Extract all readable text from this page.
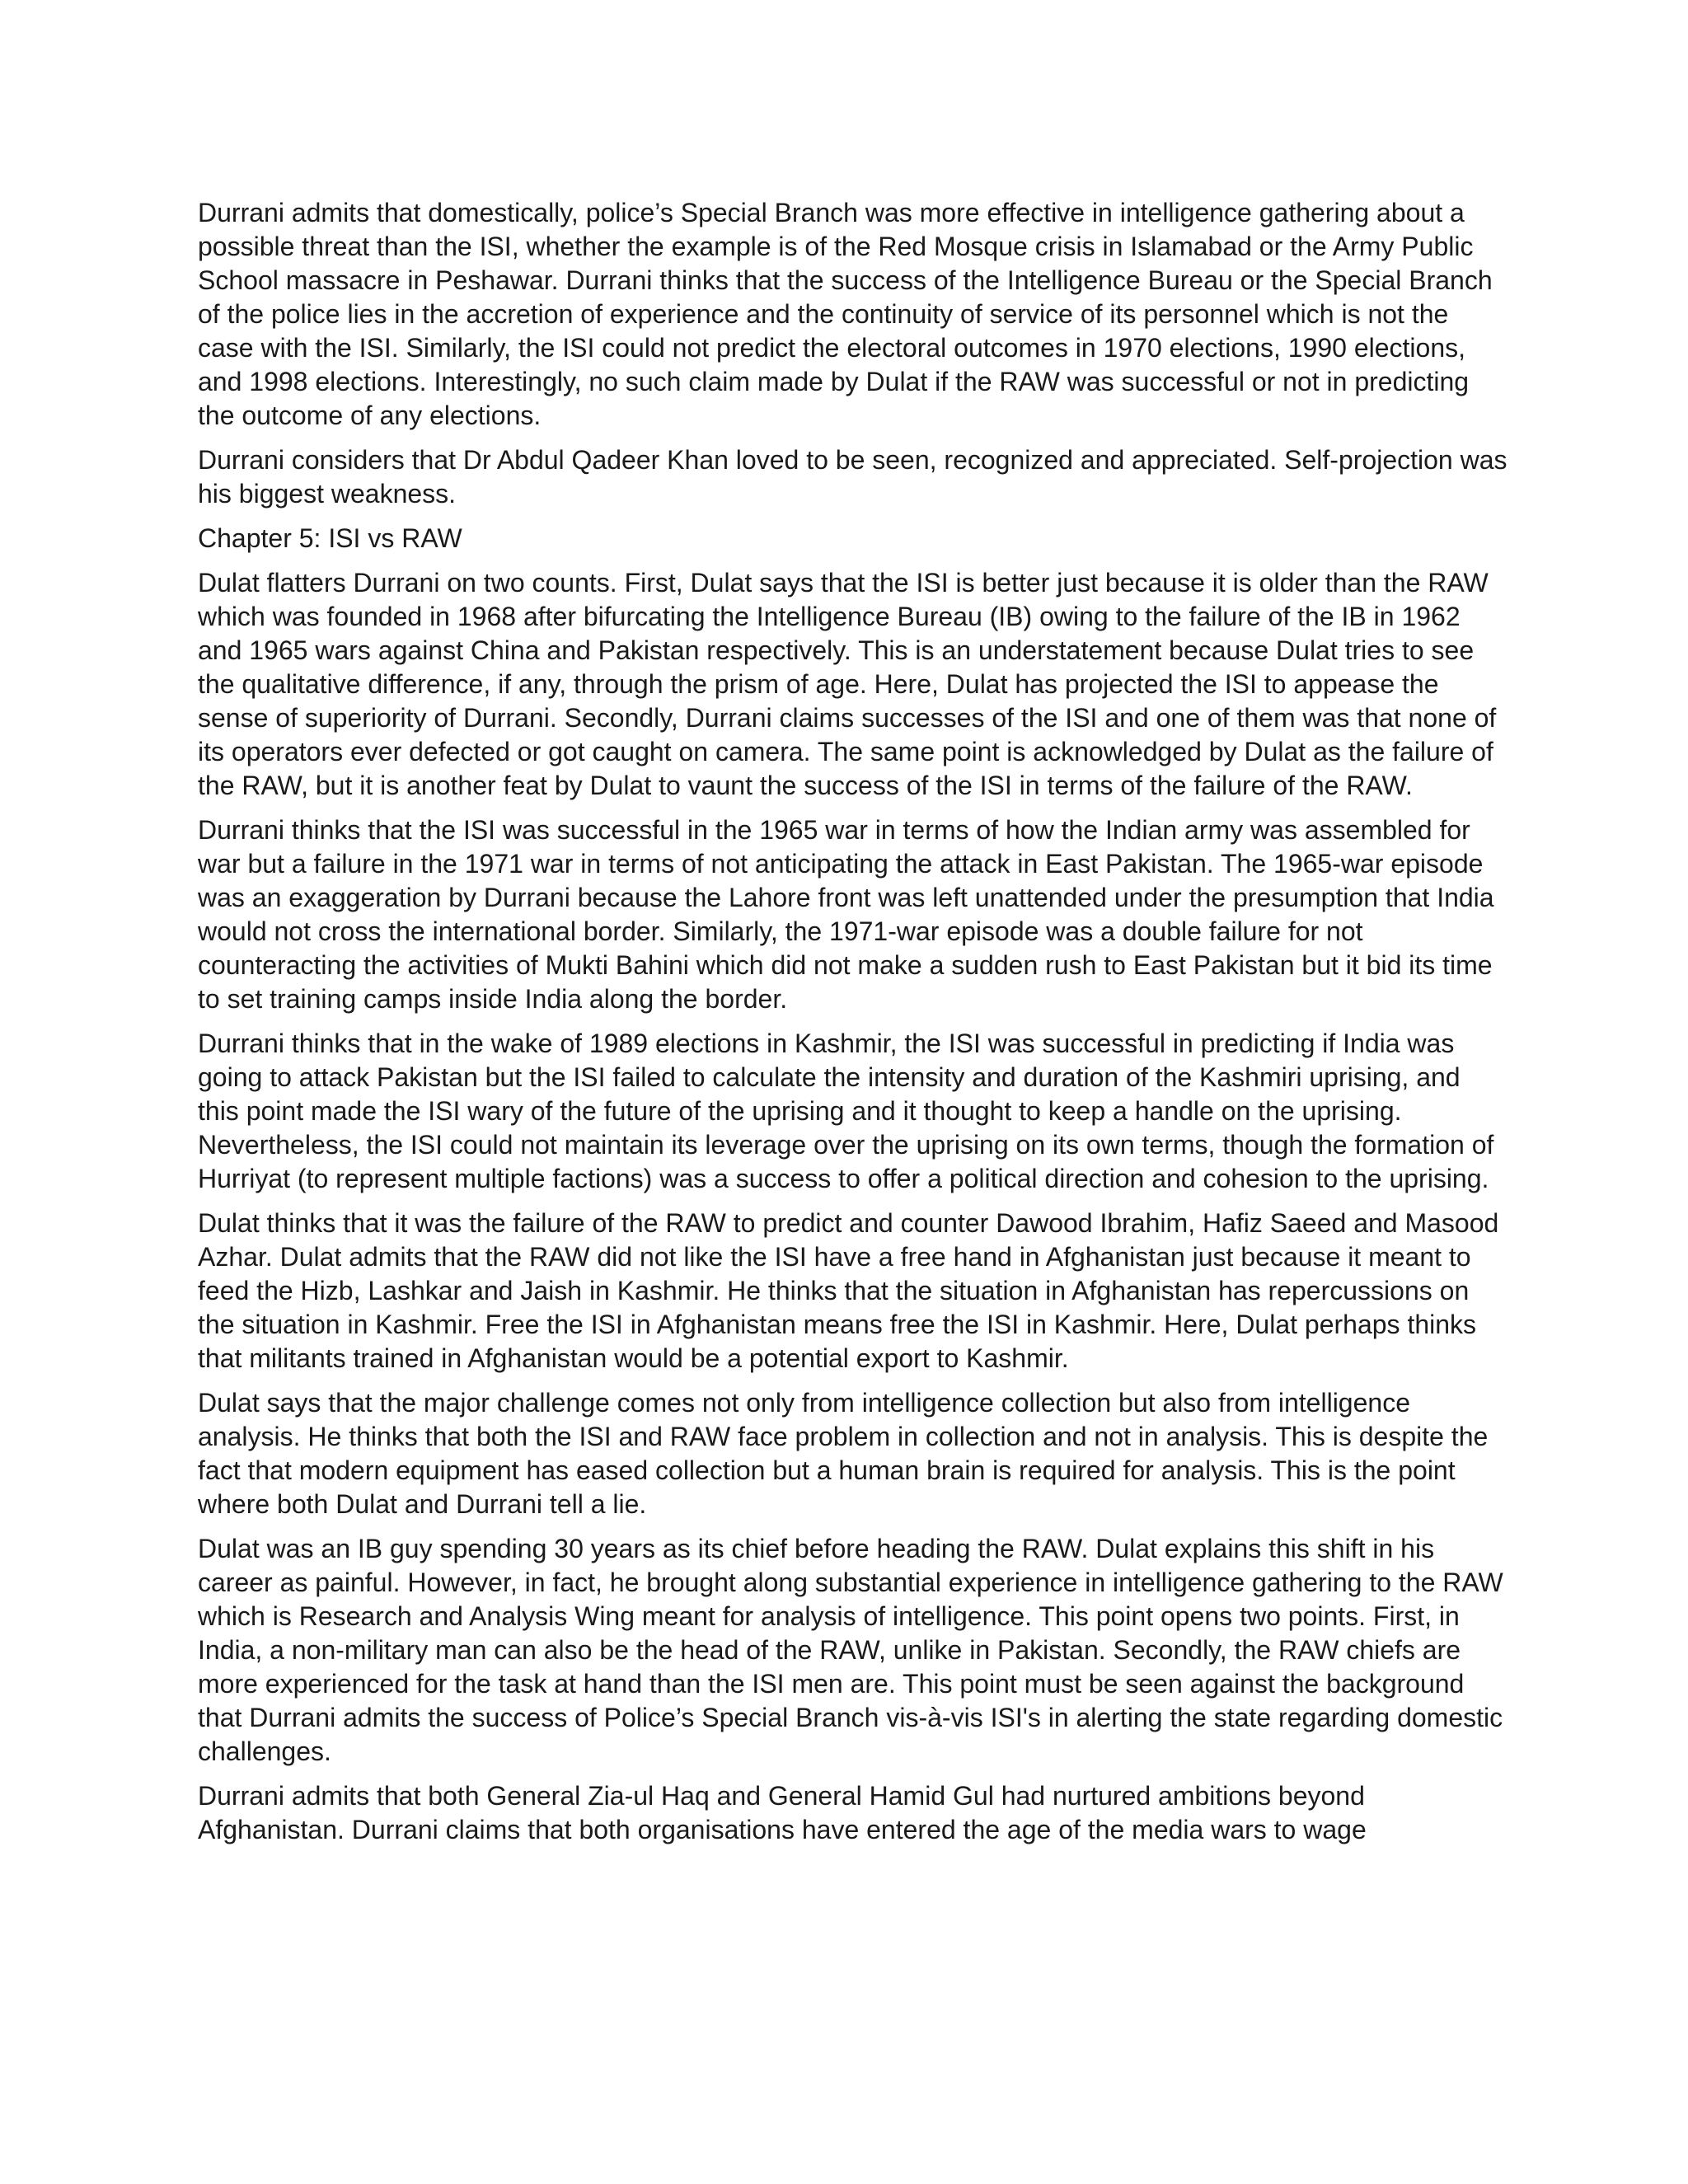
Durrani admits that domestically, police’s Special Branch was more effective in intelligence gathering about a possible threat than the ISI, whether the example is of the Red Mosque crisis in Islamabad or the Army Public School massacre in Peshawar. Durrani thinks that the success of the Intelligence Bureau or the Special Branch of the police lies in the accretion of experience and the continuity of service of its personnel which is not the case with the ISI. Similarly, the ISI could not predict the electoral outcomes in 1970 elections, 1990 elections, and 1998 elections. Interestingly, no such claim made by Dulat if the RAW was successful or not in predicting the outcome of any elections.

Durrani considers that Dr Abdul Qadeer Khan loved to be seen, recognized and appreciated. Self-projection was his biggest weakness.

Chapter 5: ISI vs RAW

Dulat flatters Durrani on two counts. First, Dulat says that the ISI is better just because it is older than the RAW which was founded in 1968 after bifurcating the Intelligence Bureau (IB) owing to the failure of the IB in 1962 and 1965 wars against China and Pakistan respectively. This is an understatement because Dulat tries to see the qualitative difference, if any, through the prism of age. Here, Dulat has projected the ISI to appease the sense of superiority of Durrani. Secondly, Durrani claims successes of the ISI and one of them was that none of its operators ever defected or got caught on camera. The same point is acknowledged by Dulat as the failure of the RAW, but it is another feat by Dulat to vaunt the success of the ISI in terms of the failure of the RAW.

Durrani thinks that the ISI was successful in the 1965 war in terms of how the Indian army was assembled for war but a failure in the 1971 war in terms of not anticipating the attack in East Pakistan. The 1965-war episode was an exaggeration by Durrani because the Lahore front was left unattended under the presumption that India would not cross the international border. Similarly, the 1971-war episode was a double failure for not counteracting the activities of Mukti Bahini which did not make a sudden rush to East Pakistan but it bid its time to set training camps inside India along the border.

Durrani thinks that in the wake of 1989 elections in Kashmir, the ISI was successful in predicting if India was going to attack Pakistan but the ISI failed to calculate the intensity and duration of the Kashmiri uprising, and this point made the ISI wary of the future of the uprising and it thought to keep a handle on the uprising. Nevertheless, the ISI could not maintain its leverage over the uprising on its own terms, though the formation of Hurriyat (to represent multiple factions) was a success to offer a political direction and cohesion to the uprising.

Dulat thinks that it was the failure of the RAW to predict and counter Dawood Ibrahim, Hafiz Saeed and Masood Azhar. Dulat admits that the RAW did not like the ISI have a free hand in Afghanistan just because it meant to feed the Hizb, Lashkar and Jaish in Kashmir. He thinks that the situation in Afghanistan has repercussions on the situation in Kashmir. Free the ISI in Afghanistan means free the ISI in Kashmir. Here, Dulat perhaps thinks that militants trained in Afghanistan would be a potential export to Kashmir.

Dulat says that the major challenge comes not only from intelligence collection but also from intelligence analysis. He thinks that both the ISI and RAW face problem in collection and not in analysis. This is despite the fact that modern equipment has eased collection but a human brain is required for analysis. This is the point where both Dulat and Durrani tell a lie.

Dulat was an IB guy spending 30 years as its chief before heading the RAW. Dulat explains this shift in his career as painful. However, in fact, he brought along substantial experience in intelligence gathering to the RAW which is Research and Analysis Wing meant for analysis of intelligence. This point opens two points. First, in India, a non-military man can also be the head of the RAW, unlike in Pakistan. Secondly, the RAW chiefs are more experienced for the task at hand than the ISI men are. This point must be seen against the background that Durrani admits the success of Police’s Special Branch vis-à-vis ISI's in alerting the state regarding domestic challenges.

Durrani admits that both General Zia-ul Haq and General Hamid Gul had nurtured ambitions beyond Afghanistan. Durrani claims that both organisations have entered the age of the media wars to wage
